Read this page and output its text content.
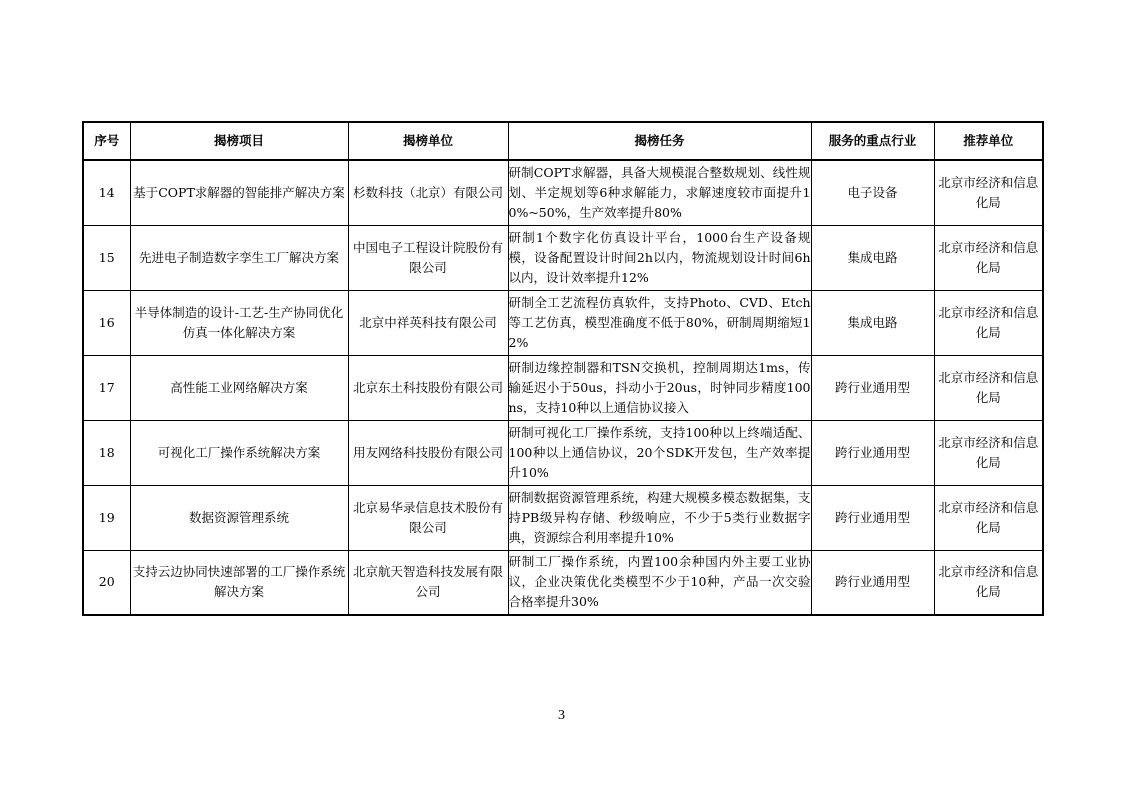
序号	揭榜项目	揭榜单位	揭榜任务	服务的重点行业	推荐单位
14	基于COPT求解器的智能排产解决方案	杉数科技（北京）有限公司	研制COPT求解器，具备大规模混合整数规划、线性规划、半定规划等6种求解能力，求解速度较市面提升10%~50%，生产效率提升80%	电子设备	北京市经济和信息化局
15	先进电子制造数字孪生工厂解决方案	中国电子工程设计院股份有限公司	研制1个数字化仿真设计平台，1000台生产设备规模，设备配置设计时间2h以内，物流规划设计时间6h以内，设计效率提升12%	集成电路	北京市经济和信息化局
16	半导体制造的设计-工艺-生产协同优化仿真一体化解决方案	北京中祥英科技有限公司	研制全工艺流程仿真软件，支持Photo、CVD、Etch等工艺仿真，模型准确度不低于80%，研制周期缩短12%	集成电路	北京市经济和信息化局
17	高性能工业网络解决方案	北京东土科技股份有限公司	研制边缘控制器和TSN交换机，控制周期达1ms，传输延迟小于50us，抖动小于20us，时钟同步精度100ns，支持10种以上通信协议接入	跨行业通用型	北京市经济和信息化局
18	可视化工厂操作系统解决方案	用友网络科技股份有限公司	研制可视化工厂操作系统，支持100种以上终端适配、100种以上通信协议，20个SDK开发包，生产效率提升10%	跨行业通用型	北京市经济和信息化局
19	数据资源管理系统	北京易华录信息技术股份有限公司	研制数据资源管理系统，构建大规模多模态数据集，支持PB级异构存储、秒级响应，不少于5类行业数据字典，资源综合利用率提升10%	跨行业通用型	北京市经济和信息化局
20	支持云边协同快速部署的工厂操作系统解决方案	北京航天智造科技发展有限公司	研制工厂操作系统，内置100余种国内外主要工业协议，企业决策优化类模型不少于10种，产品一次交验合格率提升30%	跨行业通用型	北京市经济和信息化局
3
